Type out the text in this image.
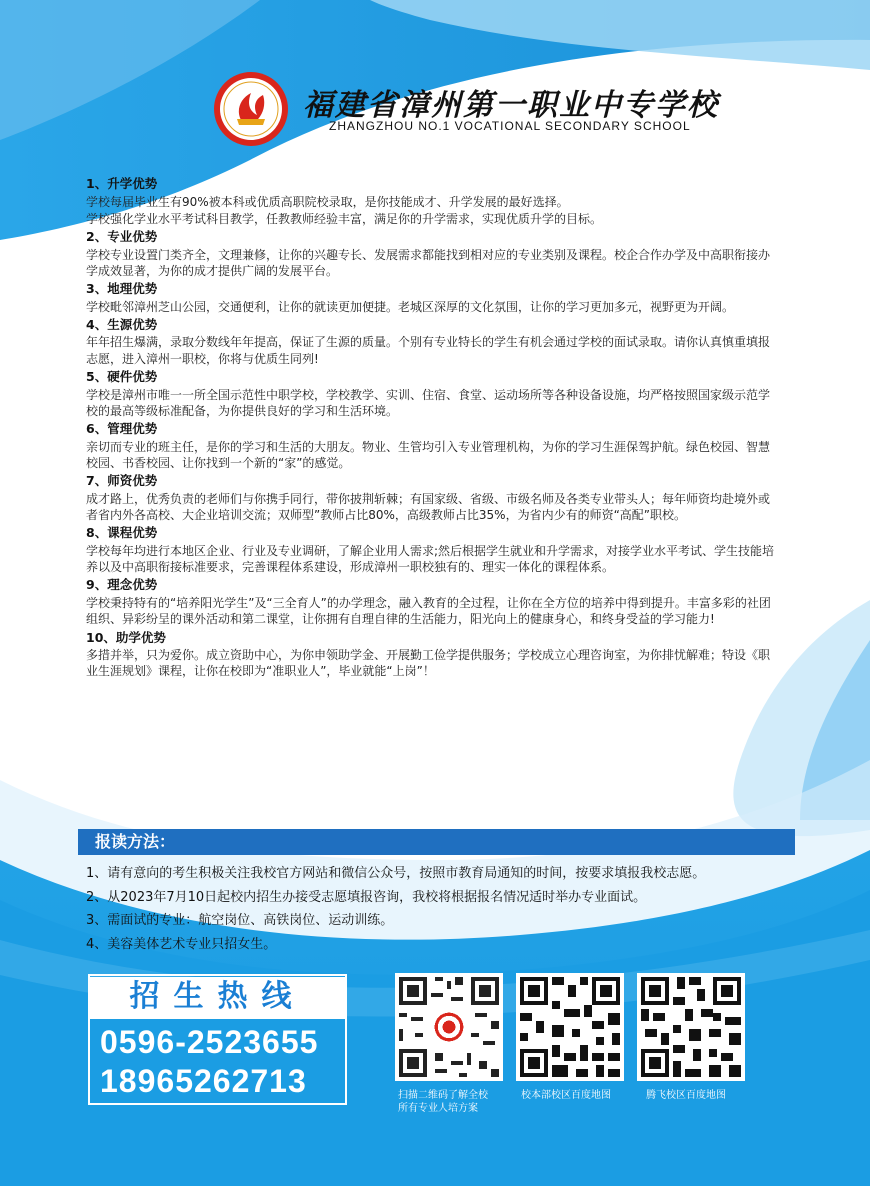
福建省漳州第一职业中专学校
ZHANGZHOU NO.1 VOCATIONAL SECONDARY SCHOOL
1、升学优势

学校每届毕业生有90%被本科或优质高职院校录取，是你技能成才、升学发展的最好选择。

学校强化学业水平考试科目教学，任教教师经验丰富，满足你的升学需求，实现优质升学的目标。

2、专业优势

学校专业设置门类齐全，文理兼修，让你的兴趣专长、发展需求都能找到相对应的专业类别及课程。校企合作办学及中高职衔接办学成效显著，为你的成才提供广阔的发展平台。

3、地理优势

学校毗邻漳州芝山公园，交通便利，让你的就读更加便捷。老城区深厚的文化氛围，让你的学习更加多元，视野更为开阔。

4、生源优势

年年招生爆满，录取分数线年年提高，保证了生源的质量。个别有专业特长的学生有机会通过学校的面试录取。请你认真慎重填报志愿，进入漳州一职校，你将与优质生同列!

5、硬件优势

学校是漳州市唯一一所全国示范性中职学校，学校教学、实训、住宿、食堂、运动场所等各种设备设施，均严格按照国家级示范学校的最高等级标准配备，为你提供良好的学习和生活环境。

6、管理优势

亲切而专业的班主任，是你的学习和生活的大朋友。物业、生管均引入专业管理机构，为你的学习生涯保驾护航。绿色校园、智慧校园、书香校园、让你找到一个新的“家”的感觉。

7、师资优势

成才路上，优秀负责的老师们与你携手同行，带你披荆斩棘；有国家级、省级、市级名师及各类专业带头人；每年师资均赴境外或者省内外各高校、大企业培训交流；双师型”教师占比80%，高级教师占比35%，为省内少有的师资“高配”职校。

8、课程优势

学校每年均进行本地区企业、行业及专业调研，了解企业用人需求;然后根据学生就业和升学需求，对接学业水平考试、学生技能培养以及中高职衔接标准要求，完善课程体系建设，形成漳州一职校独有的、理实一体化的课程体系。

9、理念优势

学校秉持特有的“培养阳光学生”及“三全育人”的办学理念，融入教育的全过程，让你在全方位的培养中得到提升。丰富多彩的社团组织、异彩纷呈的课外活动和第二课堂，让你拥有自理自律的生活能力，阳光向上的健康身心，和终身受益的学习能力!

10、助学优势

多措并举，只为爱你。成立资助中心，为你申领助学金、开展勤工俭学提供服务；学校成立心理咨询室，为你排忧解难；特设《职业生涯规划》课程，让你在校即为“准职业人”，毕业就能“上岗”！

报读方法：
1、请有意向的考生积极关注我校官方网站和微信公众号，按照市教育局通知的时间，按要求填报我校志愿。
2、从2023年7月10日起校内招生办接受志愿填报咨询，我校将根据报名情况适时举办专业面试。
3、需面试的专业：航空岗位、高铁岗位、运动训练。
4、美容美体艺术专业只招女生。
招生热线
0596-2523655
18965262713	扫描二维码了解全校
所有专业人培方案
校本部校区百度地图	腾飞校区百度地图
